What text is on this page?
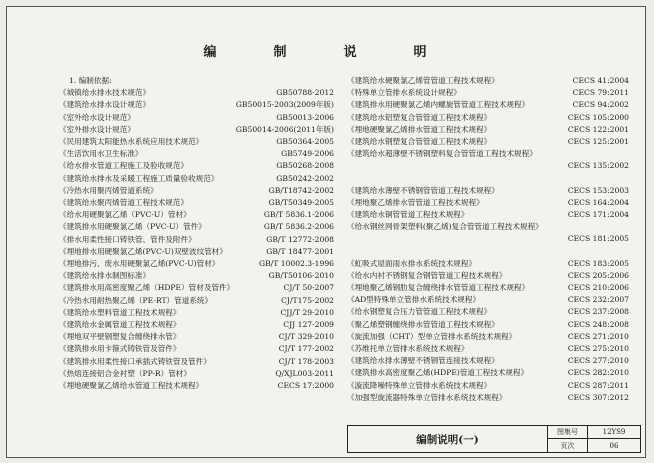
编　制　说　明
1. 编制依据:
《城镇给水排水技术规范》	GB50788-2012
《建筑给水排水设计规范》	GB50015-2003(2009年版)
《室外给水设计规范》	GB50013-2006
《室外排水设计规范》	GB50014-2006(2011年版)
《民用建筑太阳能热水系统应用技术规范》	GB50364-2005
《生活饮用水卫生标准》	GB5749-2006
《给水排水管道工程施工及验收规范》	GB50268-2008
《建筑给水排水及采暖工程施工质量验收规范》	GB50242-2002
《冷热水用聚丙烯管道系统》	GB/T18742-2002
《建筑给水聚丙烯管道工程技术规范》	GB/T50349-2005
《给水用硬聚氯乙烯（PVC-U）管材》	GB/T 5836.1-2006
《建筑排水用硬聚氯乙烯（PVC-U）管件》	GB/T 5836.2-2006
《排水用柔性接口铸铁管、管件及附件》	GB/T 12772-2008
《埋地排水用硬聚氯乙烯(PVC-U)双壁波纹管材》	GB/T 18477-2001
《埋地排污、废水用硬聚氯乙烯(PVC-U)管材》	GB/T 10002.3-1996
《建筑给水排水制图标准》	GB/T50106-2010
《建筑排水用高密度聚乙烯（HDPE）管材及管件》	CJ/T 50-2007
《冷热水用耐热聚乙烯（PE-RT）管道系统》	CJ/T175-2002
《建筑给水塑料管道工程技术规程》	CJJ/T 29-2010
《建筑给水金属管道工程技术规程》	CJJ 127-2009
《埋地双平壁钢塑复合缠绕排水管》	CJ/T 329-2010
《建筑排水用卡箍式铸铁管及管件》	CJ/T 177-2002
《建筑排水用柔性接口承插式铸铁管及管件》	CJ/T 178-2003
《热熔连接铝合金衬塑（PP-R）管材》	Q/XJL003-2011
《埋地硬聚氯乙烯给水管道工程技术规程》	CECS 17:2000
《建筑给水硬聚氯乙烯管管道工程技术规程》	CECS 41:2004
《特殊单立管排水系统设计规程》	CECS 79:2011
《建筑排水用硬聚氯乙烯内螺旋管管道工程技术规程》	CECS 94:2002
《建筑给水铝塑复合管管道工程技术规程》	CECS 105:2000
《埋地硬聚氯乙烯排水管道工程技术规程》	CECS 122:2001
《建筑给水钢塑复合管管道工程技术规程》	CECS 125:2001
《建筑给水超薄壁不锈钢塑料复合管管道工程技术规程》
CECS 135:2002
《建筑给水薄壁不锈钢管管道工程技术规程》	CECS 153:2003
《埋地聚乙烯排水管管道工程技术规程》	CECS 164:2004
《建筑给水铜管管道工程技术规程》	CECS 171:2004
《给水钢丝网骨架塑料(聚乙烯)复合管管道工程技术规程》
CECS 181:2005
《虹吸式屋面雨水排水系统技术规程》	CECS 183:2005
《给水内衬不锈钢复合钢管管道工程技术规程》	CECS 205:2006
《埋地聚乙烯钢肋复合缠绕排水管管道工程技术规程》	CECS 210:2006
《AD型特殊单立管排水系统技术规程》	CECS 232:2007
《给水钢塑复合压力管管道工程技术规程》	CECS 237:2008
《聚乙烯塑钢缠绕排水管管道工程技术规程》	CECS 248:2008
《旋流加强（CHT）型单立管排水系统技术规程》	CECS 271:2010
《苏维托单立管排水系统技术规程》	CECS 275:2010
《建筑给水排水薄壁不锈钢管连接技术规程》	CECS 277:2010
《建筑排水高密度聚乙烯(HDPE)管道工程技术规程》	CECS 282:2010
《漩流降噪特殊单立管排水系统技术规程》	CECS 287:2011
《加强型旋流器特殊单立管排水系统技术规程》	CECS 307:2012
编制说明(一)
图集号	12YS9
页次	06
